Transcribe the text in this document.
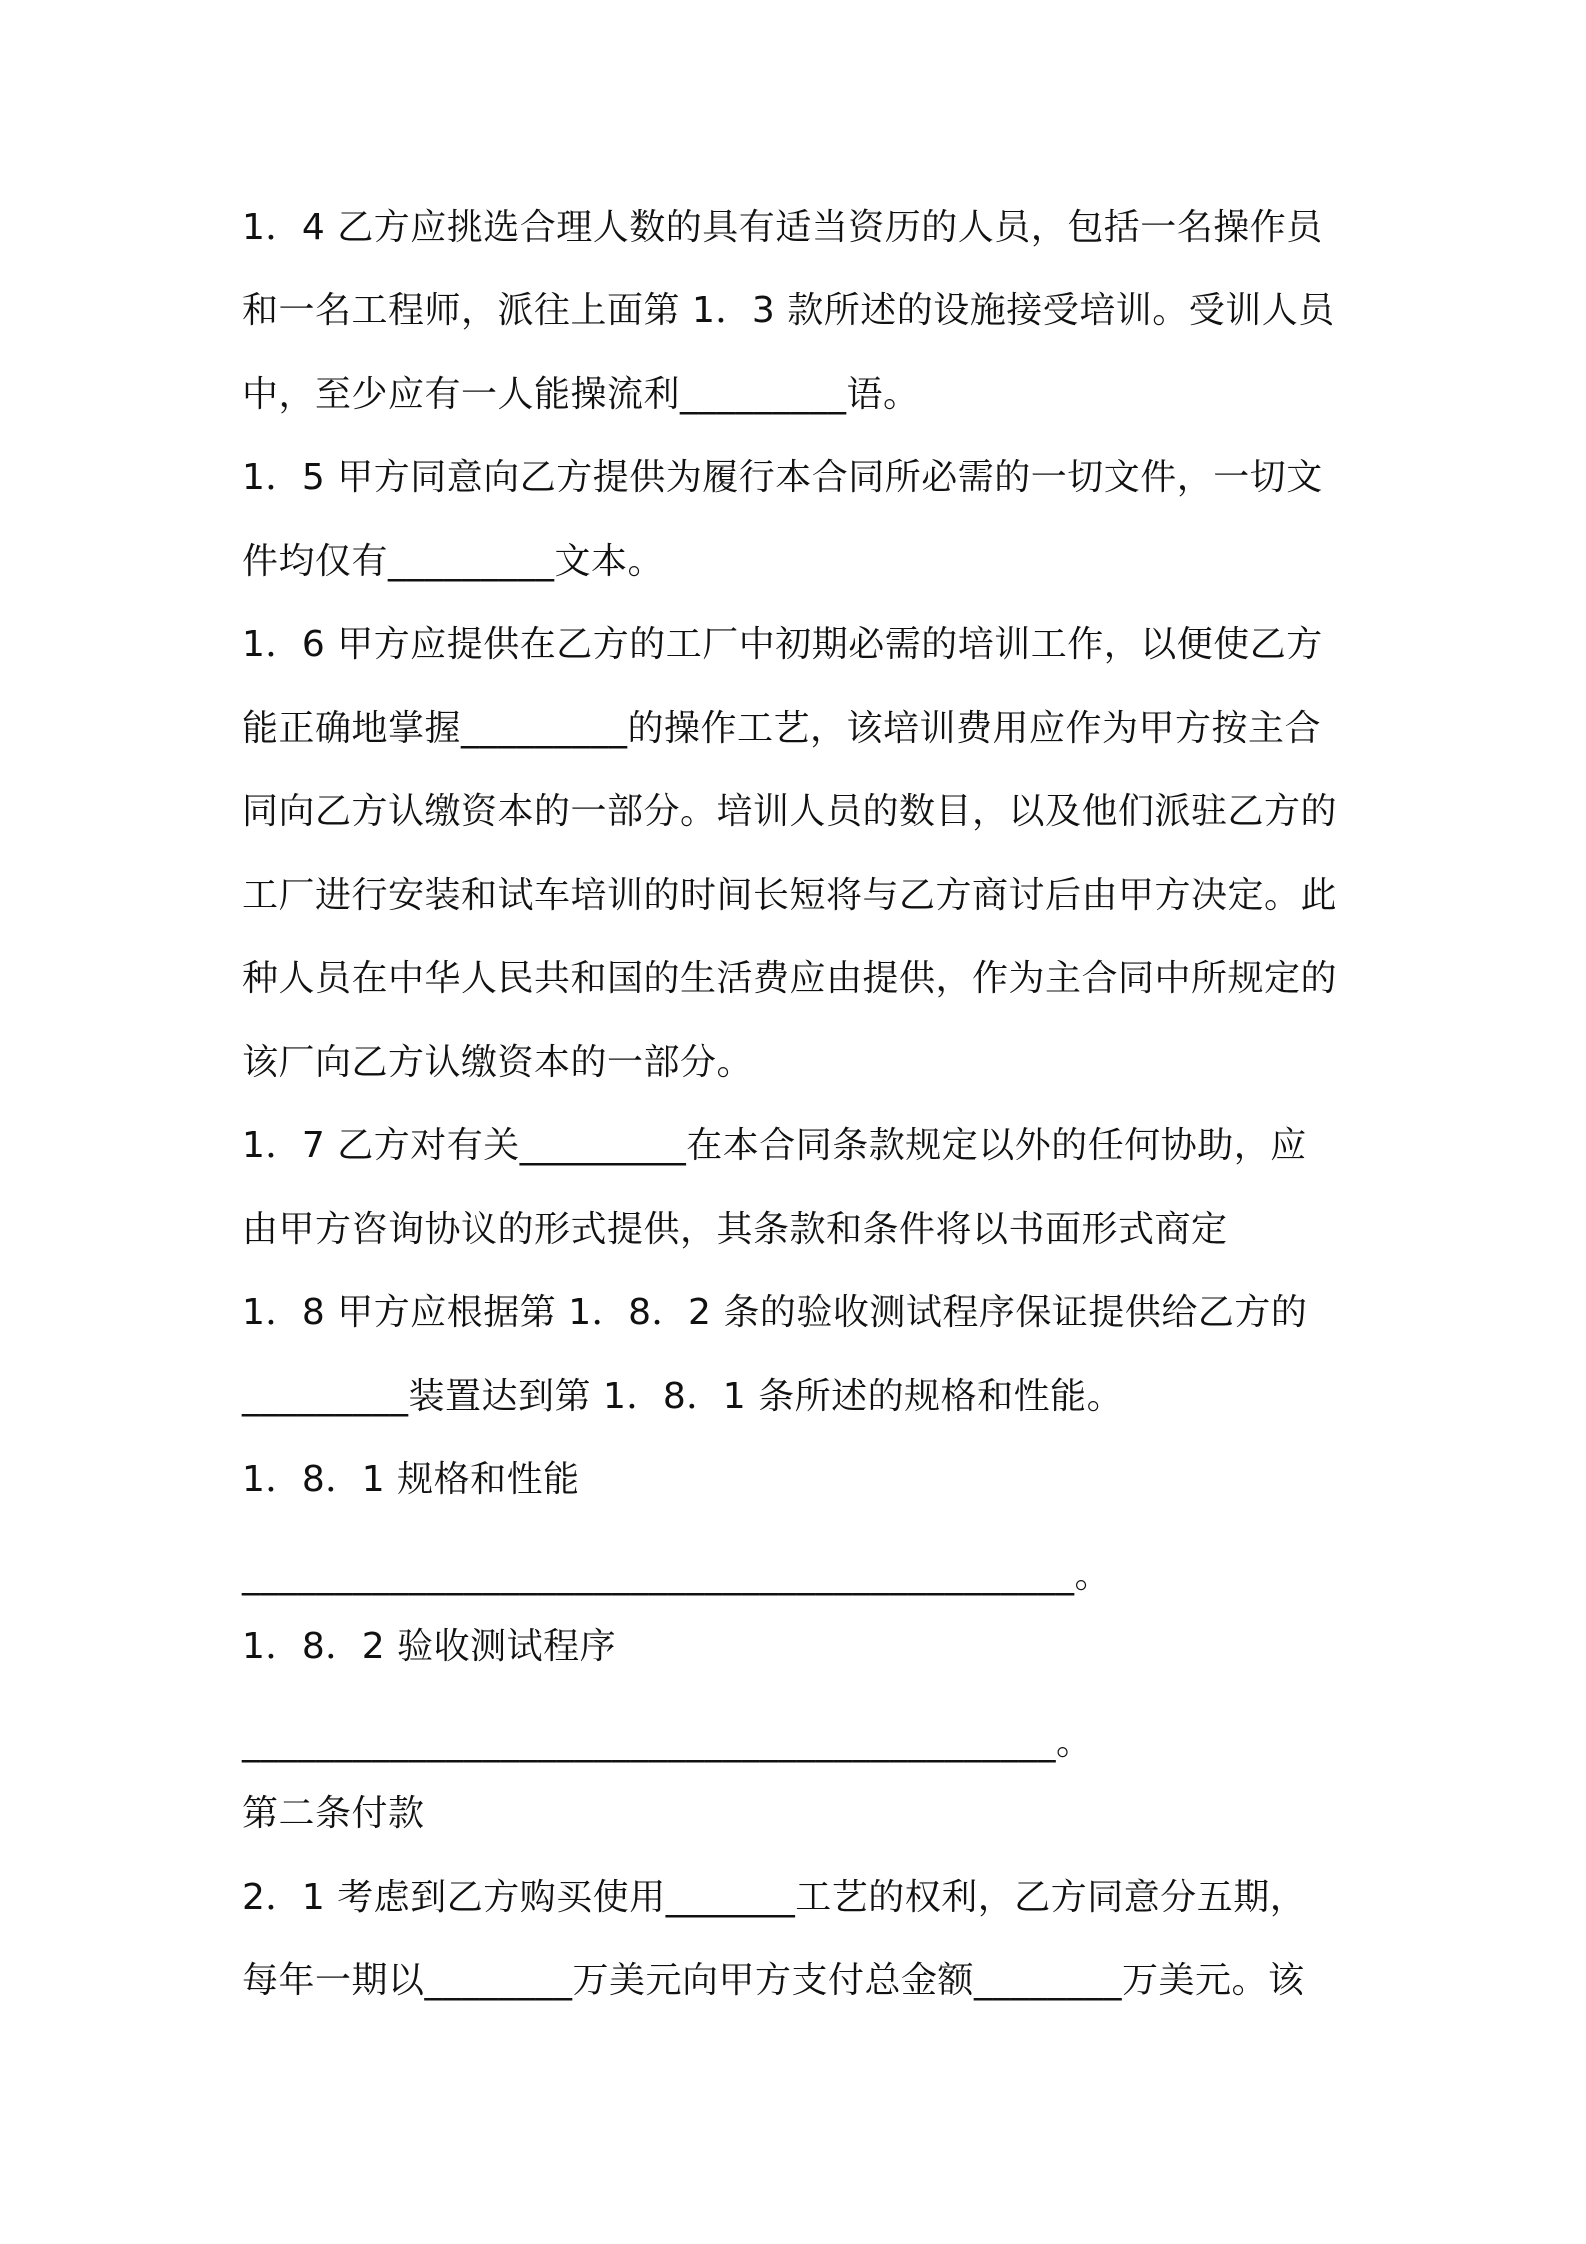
1．4 乙方应挑选合理人数的具有适当资历的人员，包括一名操作员
和一名工程师，派往上面第 1．3 款所述的设施接受培训。受训人员
中，至少应有一人能操流利_________语。
1．5 甲方同意向乙方提供为履行本合同所必需的一切文件，一切文
件均仅有_________文本。
1．6 甲方应提供在乙方的工厂中初期必需的培训工作，以便使乙方
能正确地掌握_________的操作工艺，该培训费用应作为甲方按主合
同向乙方认缴资本的一部分。培训人员的数目，以及他们派驻乙方的
工厂进行安装和试车培训的时间长短将与乙方商讨后由甲方决定。此
种人员在中华人民共和国的生活费应由提供，作为主合同中所规定的
该厂向乙方认缴资本的一部分。
1．7 乙方对有关_________在本合同条款规定以外的任何协助，应
由甲方咨询协议的形式提供，其条款和条件将以书面形式商定
1．8 甲方应根据第 1．8．2 条的验收测试程序保证提供给乙方的
_________装置达到第 1．8．1 条所述的规格和性能。
1．8．1 规格和性能
_____________________________________________。
1．8．2 验收测试程序
____________________________________________。
第二条付款
2．1 考虑到乙方购买使用_______工艺的权利，乙方同意分五期，
每年一期以________万美元向甲方支付总金额________万美元。该
